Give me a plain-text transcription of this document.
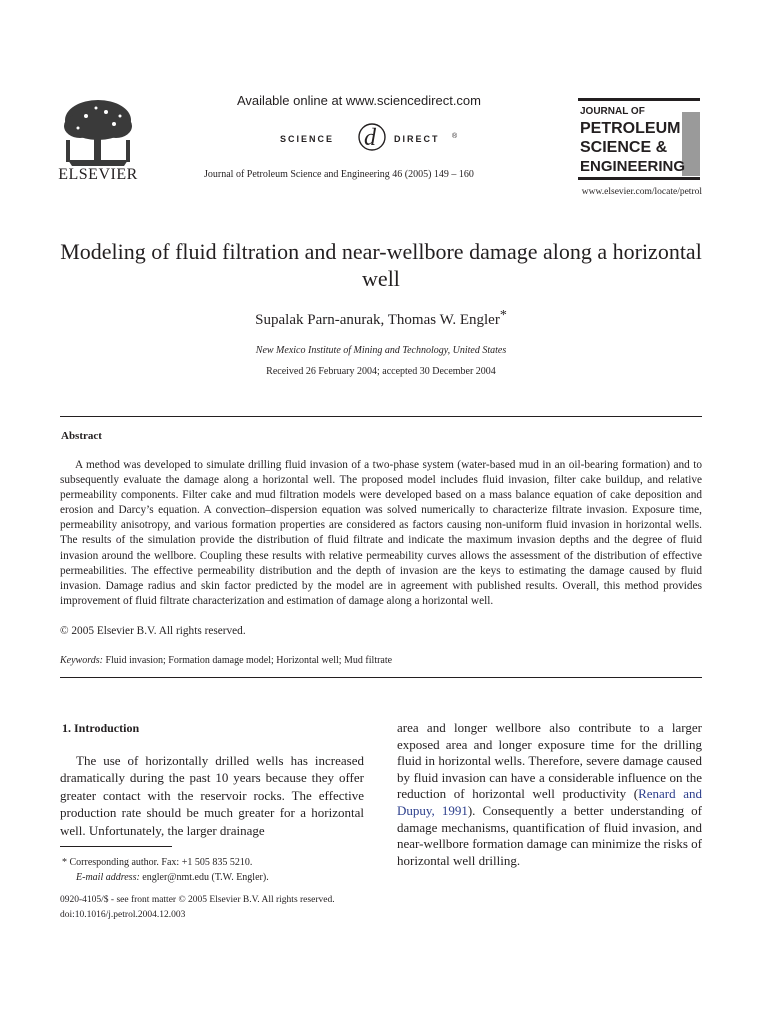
ELSEVIER
Available online at www.sciencedirect.com
SCIENCE d DIRECT ®
Journal of Petroleum Science and Engineering 46 (2005) 149 – 160
JOURNAL OF
PETROLEUM
SCIENCE &
ENGINEERING
www.elsevier.com/locate/petrol
Modeling of fluid filtration and near-wellbore damage along a horizontal well
Supalak Parn-anurak, Thomas W. Engler*
New Mexico Institute of Mining and Technology, United States
Received 26 February 2004; accepted 30 December 2004
Abstract

A method was developed to simulate drilling fluid invasion of a two-phase system (water-based mud in an oil-bearing formation) and to subsequently evaluate the damage along a horizontal well. The proposed model includes fluid invasion, filter cake buildup, and relative permeability components. Filter cake and mud filtration models were developed based on a mass balance equation of cake deposition and erosion and Darcy’s equation. A convection–dispersion equation was solved numerically to characterize filtrate invasion. Exposure time, permeability anisotropy, and various formation properties are considered as factors causing non-uniform fluid invasion in horizontal wells. The results of the simulation provide the distribution of fluid filtrate and indicate the maximum invasion depths and the degree of fluid invasion around the wellbore. Coupling these results with relative permeability curves allows the assessment of the distribution of effective permeabilities. The effective permeability distribution and the depth of invasion are the keys to estimating the damage caused by fluid invasion. Damage radius and skin factor predicted by the model are in agreement with published results. Overall, this method provides improvement of fluid filtrate characterization and estimation of damage along a horizontal well.

© 2005 Elsevier B.V. All rights reserved.
Keywords: Fluid invasion; Formation damage model; Horizontal well; Mud filtrate
1. Introduction

The use of horizontally drilled wells has increased dramatically during the past 10 years because they offer greater contact with the reservoir rocks. The effective production rate should be much greater for a horizontal well. Unfortunately, the larger drainage

area and longer wellbore also contribute to a larger exposed area and longer exposure time for the drilling fluid in horizontal wells. Therefore, severe damage caused by fluid invasion can have a considerable influence on the reduction of horizontal well productivity (Renard and Dupuy, 1991). Consequently a better understanding of damage mechanisms, quantification of fluid invasion, and near-wellbore formation damage can minimize the risks of horizontal well drilling.

* Corresponding author. Fax: +1 505 835 5210.
E-mail address: engler@nmt.edu (T.W. Engler).
0920-4105/$ - see front matter © 2005 Elsevier B.V. All rights reserved.
doi:10.1016/j.petrol.2004.12.003
